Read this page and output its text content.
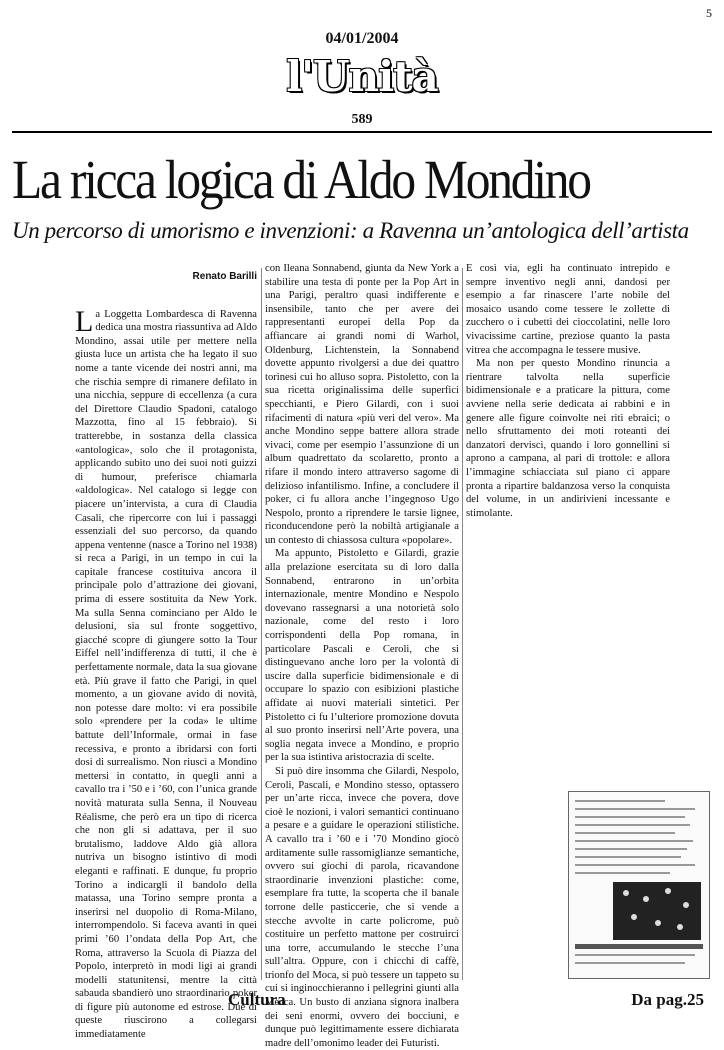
5
04/01/2004
l'Unità
589
La ricca logica di Aldo Mondino
Un percorso di umorismo e invenzioni: a Ravenna un’antologica dell’artista
Renato Barilli

La Loggetta Lombardesca di Ravenna dedica una mostra riassuntiva ad Aldo Mondino, assai utile per mettere nella giusta luce un artista che ha legato il suo nome a tante vicende dei nostri anni, ma che rischia sempre di rimanere defilato in una nicchia, seppure di eccellenza (a cura del Direttore Claudio Spadoni, catalogo Mazzotta, fino al 15 febbraio). Si tratterebbe, in sostanza della classica «antologica», solo che il protagonista, applicando subito uno dei suoi noti guizzi di humour, preferisce chiamarla «aldologica». Nel catalogo si legge con piacere un’intervista, a cura di Claudia Casali, che ripercorre con lui i passaggi essenziali del suo percorso, da quando appena ventenne (nasce a Torino nel 1938) si reca a Parigi, in un tempo in cui la capitale francese costituiva ancora il principale polo d’attrazione dei giovani, prima di essere sostituita da New York. Ma sulla Senna cominciano per Aldo le delusioni, sia sul fronte soggettivo, giacché scopre di giungere sotto la Tour Eiffel nell’indifferenza di tutti, il che è perfettamente normale, data la sua giovane età. Più grave il fatto che Parigi, in quel momento, a un giovane avido di novità, non potesse dare molto: vi era possibile solo «prendere per la coda» le ultime battute dell’Informale, ormai in fase recessiva, e pronto a ibridarsi con forti dosi di surrealismo. Non riuscì a Mondino mettersi in contatto, in quegli anni a cavallo tra i ’50 e i ’60, con l’unica grande novità maturata sulla Senna, il Nouveau Réalisme, che però era un tipo di ricerca che non gli si adattava, per il suo brutalismo, laddove Aldo già allora nutriva un bisogno istintivo di modi eleganti e raffinati. E dunque, fu proprio Torino a indicargli il bandolo della matassa, una Torino sempre pronta a inserirsi nel duopolio di Roma-Milano, interrompendolo. Si faceva avanti in quei primi ’60 l’ondata della Pop Art, che Roma, attraverso la Scuola di Piazza del Popolo, interpretò in modi ligi ai grandi modelli statunitensi, mentre la città sabauda sbandierò uno straordinario poker di figure più autonome ed estrose. Due di queste riuscirono a collegarsi immediatamente

con Ileana Sonnabend, giunta da New York a stabilire una testa di ponte per la Pop Art in una Parigi, peraltro quasi indifferente e insensibile, tanto che per avere dei rappresentanti europei della Pop da affiancare ai grandi nomi di Warhol, Oldenburg, Lichtenstein, la Sonnabend dovette appunto rivolgersi a due dei quattro torinesi cui ho alluso sopra. Pistoletto, con la sua ricetta originalissima delle superfici specchianti, e Piero Gilardi, con i suoi rifacimenti di natura «più veri del vero». Ma anche Mondino seppe battere allora strade vivaci, come per esempio l’assunzione di un album quadrettato da scolaretto, pronto a rifare il mondo intero attraverso sagome di delizioso infantilismo. Infine, a concludere il poker, ci fu allora anche l’ingegnoso Ugo Nespolo, pronto a riprendere le tarsie lignee, riconducendone però la nobiltà artigianale a un contesto di chiassosa cultura «popolare».

Ma appunto, Pistoletto e Gilardi, grazie alla prelazione esercitata su di loro dalla Sonnabend, entrarono in un’orbita internazionale, mentre Mondino e Nespolo dovevano rassegnarsi a una notorietà solo nazionale, come del resto i loro corrispondenti della Pop romana, in particolare Pascali e Ceroli, che si distinguevano anche loro per la volontà di uscire dalla superficie bidimensionale e di occupare lo spazio con esibizioni plastiche affidate ai nuovi materiali sintetici. Per Pistoletto ci fu l’ulteriore promozione dovuta al suo pronto inserirsi nell’Arte povera, una soglia negata invece a Mondino, e proprio per la sua istintiva aristocrazia di scelte.

Si può dire insomma che Gilardi, Nespolo, Ceroli, Pascali, e Mondino stesso, optassero per un’arte ricca, invece che povera, dove cioè le nozioni, i valori semantici continuano a pesare e a guidare le operazioni stilistiche. A cavallo tra i ’60 e i ’70 Mondino giocò arditamente sulle rassomiglianze semantiche, ovvero sui giochi di parola, ricavandone straordinarie invenzioni plastiche: come, esemplare fra tutte, la scoperta che il banale torrone delle pasticcerie, che si vende a stecche avvolte in carte policrome, può costituire un perfetto mattone per costruirci una torre, accumulando le stecche l’una sull’altra. Oppure, con i chicchi di caffè, trionfo del Moca, si può tessere un tappeto su cui si inginocchieranno i pellegrini giunti alla Mecca. Un busto di anziana signora inalbera dei seni enormi, ovvero dei bocciuni, e dunque può legittimamente essere dichiarata madre dell’omonimo leader dei Futuristi.

E così via, egli ha continuato intrepido e sempre inventivo negli anni, dandosi per esempio a far rinascere l’arte nobile del mosaico usando come tessere le zollette di zucchero o i cubetti dei cioccolatini, nelle loro vivacissime cartine, preziose quanto la pasta vitrea che accompagna le tessere musive.

Ma non per questo Mondino rinuncia a rientrare talvolta nella superficie bidimensionale e a praticare la pittura, come avviene nella serie dedicata ai rabbini e in genere alle figure coinvolte nei riti ebraici; o nello sfruttamento dei moti roteanti dei danzatori dervisci, quando i loro gonnellini si aprono a campana, al pari di trottole: e allora l’immagine schiacciata sul piano ci appare pronta a ripartire baldanzosa verso la conquista del volume, in un andirivieni incessante e stimolante.

Cultura	Da pag.25
